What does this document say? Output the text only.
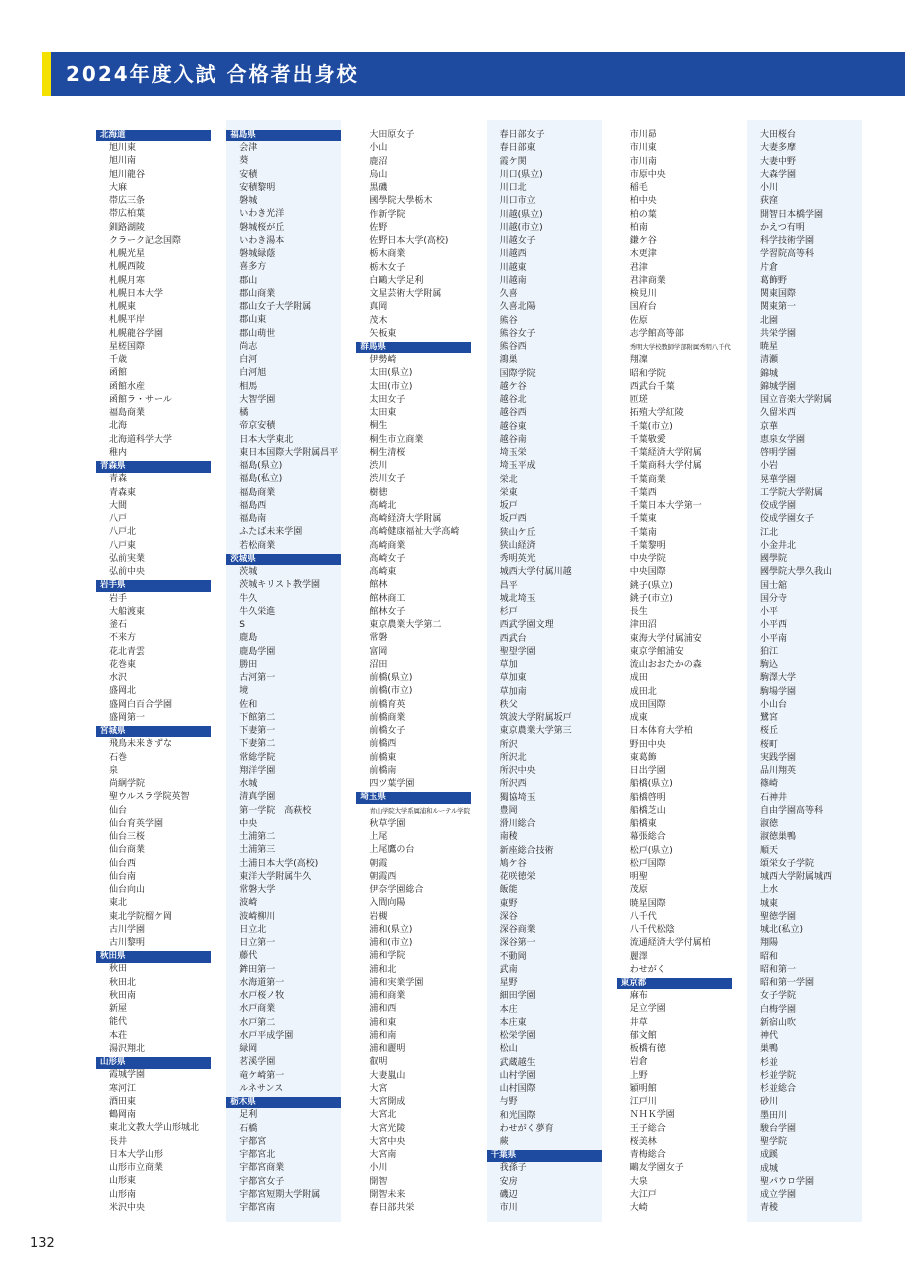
2024年度入試 合格者出身校
北海道
旭川東
旭川南
旭川龍谷
大麻
帯広三条
帯広柏葉
釧路湖陵
クラーク記念国際
札幌光星
札幌西陵
札幌月寒
札幌日本大学
札幌東
札幌平岸
札幌龍谷学園
星槎国際
千歳
函館
函館水産
函館ラ・サール
福島商業
北海
北海道科学大学
稚内
青森県
青森
青森東
大間
八戸
八戸北
八戸東
弘前実業
弘前中央
岩手県
岩手
大船渡東
釜石
不来方
花北青雲
花巻東
水沢
盛岡北
盛岡白百合学園
盛岡第一
宮城県
飛鳥未来きずな
石巻
泉
尚絅学院
聖ウルスラ学院英智
仙台
仙台育英学園
仙台三桜
仙台商業
仙台西
仙台南
仙台向山
東北
東北学院榴ケ岡
古川学園
古川黎明
秋田県
秋田
秋田北
秋田南
新屋
能代
本荘
湯沢翔北
山形県
霞城学園
寒河江
酒田東
鶴岡南
東北文教大学山形城北
長井
日本大学山形
山形市立商業
山形東
山形南
米沢中央
福島県
会津
葵
安積
安積黎明
磐城
いわき光洋
磐城桜が丘
いわき湯本
磐城緑蔭
喜多方
郡山
郡山商業
郡山女子大学附属
郡山東
郡山萌世
尚志
白河
白河旭
相馬
大智学園
橘
帝京安積
日本大学東北
東日本国際大学附属昌平
福島(県立)
福島(私立)
福島商業
福島西
福島南
ふたば未来学園
若松商業
茨城県
茨城
茨城キリスト教学園
牛久
牛久栄進
S
鹿島
鹿島学園
勝田
古河第一
境
佐和
下館第二
下妻第一
下妻第二
常総学院
翔洋学園
水城
清真学園
第一学院　高萩校
中央
土浦第二
土浦第三
土浦日本大学(高校)
東洋大学附属牛久
常磐大学
波崎
波崎柳川
日立北
日立第一
藤代
鉾田第一
水海道第一
水戸桜ノ牧
水戸商業
水戸第二
水戸平成学園
緑岡
茗溪学園
竜ケ崎第一
ルネサンス
栃木県
足利
石橋
宇都宮
宇都宮北
宇都宮商業
宇都宮女子
宇都宮短期大学附属
宇都宮南
大田原女子
小山
鹿沼
烏山
黒磯
國學院大學栃木
作新学院
佐野
佐野日本大学(高校)
栃木商業
栃木女子
白鷗大学足利
文星芸術大学附属
真岡
茂木
矢板東
群馬県
伊勢崎
太田(県立)
太田(市立)
太田女子
太田東
桐生
桐生市立商業
桐生清桜
渋川
渋川女子
樹徳
高崎北
高崎経済大学附属
高崎健康福祉大学高崎
高崎商業
高崎女子
高崎東
館林
館林商工
館林女子
東京農業大学第二
常磐
富岡
沼田
前橋(県立)
前橋(市立)
前橋育英
前橋商業
前橋女子
前橋西
前橋東
前橋南
四ツ葉学園
埼玉県
青山学院大学系属浦和ルーテル学院
秋草学園
上尾
上尾鷹の台
朝霞
朝霞西
伊奈学園総合
入間向陽
岩槻
浦和(県立)
浦和(市立)
浦和学院
浦和北
浦和実業学園
浦和商業
浦和西
浦和東
浦和南
浦和麗明
叡明
大妻嵐山
大宮
大宮開成
大宮北
大宮光陵
大宮中央
大宮南
小川
開智
開智未来
春日部共栄
春日部女子
春日部東
霞ケ関
川口(県立)
川口北
川口市立
川越(県立)
川越(市立)
川越女子
川越西
川越東
川越南
久喜
久喜北陽
熊谷
熊谷女子
熊谷西
鴻巣
国際学院
越ケ谷
越谷北
越谷西
越谷東
越谷南
埼玉栄
埼玉平成
栄北
栄東
坂戸
坂戸西
狭山ケ丘
狭山経済
秀明英光
城西大学付属川越
昌平
城北埼玉
杉戸
西武学園文理
西武台
聖望学園
草加
草加東
草加南
秩父
筑波大学附属坂戸
東京農業大学第三
所沢
所沢北
所沢中央
所沢西
獨協埼玉
豊岡
滑川総合
南稜
新座総合技術
鳩ケ谷
花咲徳栄
飯能
東野
深谷
深谷商業
深谷第一
不動岡
武南
星野
細田学園
本庄
本庄東
松栄学園
松山
武蔵越生
山村学園
山村国際
与野
和光国際
わせがく夢育
蕨
千葉県
我孫子
安房
磯辺
市川
市川昴
市川東
市川南
市原中央
稲毛
柏中央
柏の葉
柏南
鎌ケ谷
木更津
君津
君津商業
検見川
国府台
佐原
志学館高等部
秀明大学校教師学部附属秀明八千代
翔凜
昭和学院
西武台千葉
匝瑳
拓殖大学紅陵
千葉(市立)
千葉敬愛
千葉経済大学附属
千葉商科大学付属
千葉商業
千葉西
千葉日本大学第一
千葉東
千葉南
千葉黎明
中央学院
中央国際
銚子(県立)
銚子(市立)
長生
津田沼
東海大学付属浦安
東京学館浦安
流山おおたかの森
成田
成田北
成田国際
成東
日本体育大学柏
野田中央
東葛飾
日出学園
船橋(県立)
船橋啓明
船橋芝山
船橋東
幕張総合
松戸(県立)
松戸国際
明聖
茂原
暁星国際
八千代
八千代松陰
流通経済大学付属柏
麗澤
わせがく
東京都
麻布
足立学園
井草
郁文館
板橋有徳
岩倉
上野
穎明館
江戸川
ＮＨＫ学園
王子総合
桜美林
青梅総合
鷗友学園女子
大泉
大江戸
大崎
大田桜台
大妻多摩
大妻中野
大森学園
小川
荻窪
開智日本橋学園
かえつ有明
科学技術学園
学習院高等科
片倉
葛飾野
関東国際
関東第一
北園
共栄学園
暁星
清瀬
錦城
錦城学園
国立音楽大学附属
久留米西
京華
恵泉女学園
啓明学園
小岩
晃華学園
工学院大学附属
佼成学園
佼成学園女子
江北
小金井北
國學院
國學院大學久我山
国士舘
国分寺
小平
小平西
小平南
狛江
駒込
駒澤大学
駒場学園
小山台
鷺宮
桜丘
桜町
実践学園
品川翔英
篠崎
石神井
自由学園高等科
淑徳
淑徳巣鴨
順天
頌栄女子学院
城西大学附属城西
上水
城東
聖徳学園
城北(私立)
翔陽
昭和
昭和第一
昭和第一学園
女子学院
白梅学園
新宿山吹
神代
巣鴨
杉並
杉並学院
杉並総合
砂川
墨田川
駿台学園
聖学院
成蹊
成城
聖パウロ学園
成立学園
青稜
132
